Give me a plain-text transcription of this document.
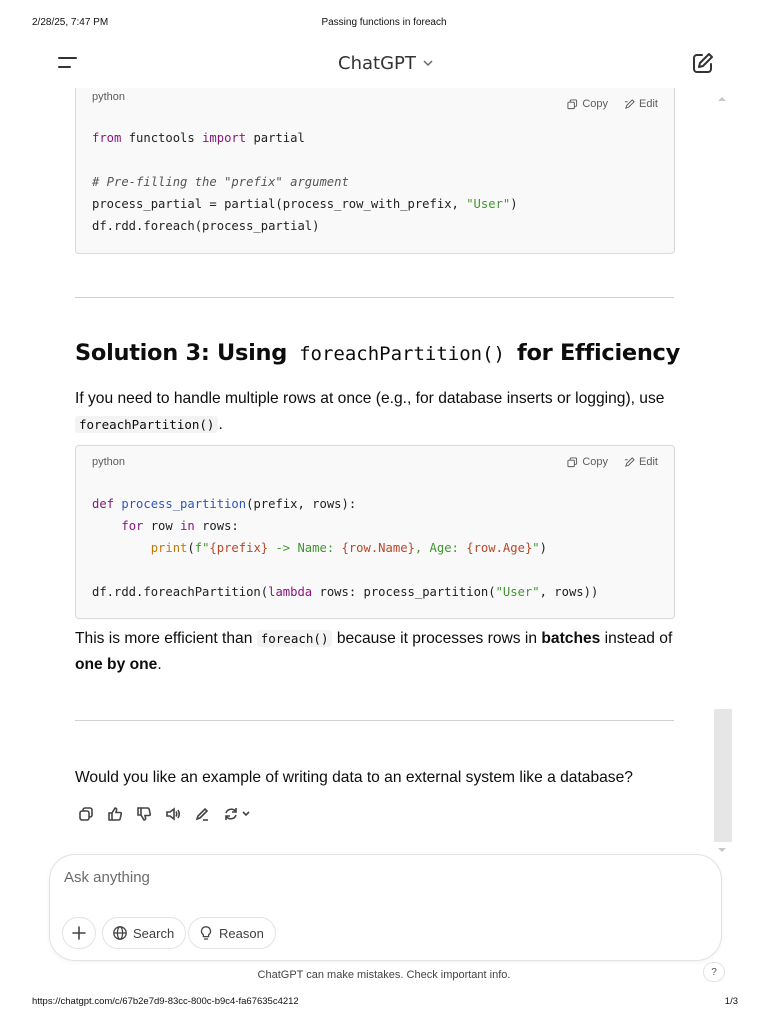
2/28/25, 7:47 PM	Passing functions in foreach
ChatGPT
python
Copy	Edit
from functools import partial

# Pre-filling the "prefix" argument
process_partial = partial(process_row_with_prefix, "User")
df.rdd.foreach(process_partial)
Solution 3: Using foreachPartition() for Efficiency
If you need to handle multiple rows at once (e.g., for database inserts or logging), use foreachPartition() .
python	Copy	Edit
def process_partition(prefix, rows):
for row in rows:
print(f"{prefix} -> Name: {row.Name}, Age: {row.Age}")

df.rdd.foreachPartition(lambda rows: process_partition("User", rows))
This is more efficient than foreach() because it processes rows in batches instead of one by one.
Would you like an example of writing data to an external system like a database?
Ask anything
Search	Reason
ChatGPT can make mistakes. Check important info.	?
https://chatgpt.com/c/67b2e7d9-83cc-800c-b9c4-fa67635c4212	1/3
